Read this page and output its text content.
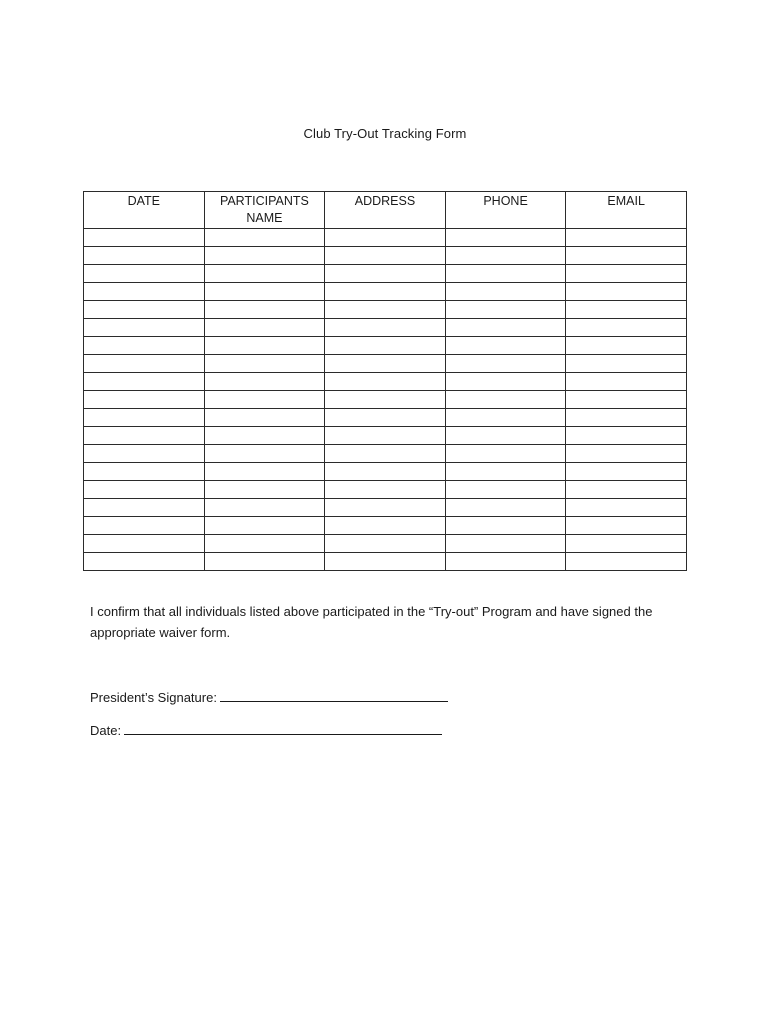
Club Try-Out Tracking Form
DATE	PARTICIPANTS NAME	ADDRESS	PHONE	EMAIL

I confirm that all individuals listed above participated in the “Try-out” Program and have signed the appropriate waiver form.
President’s Signature:
Date:
